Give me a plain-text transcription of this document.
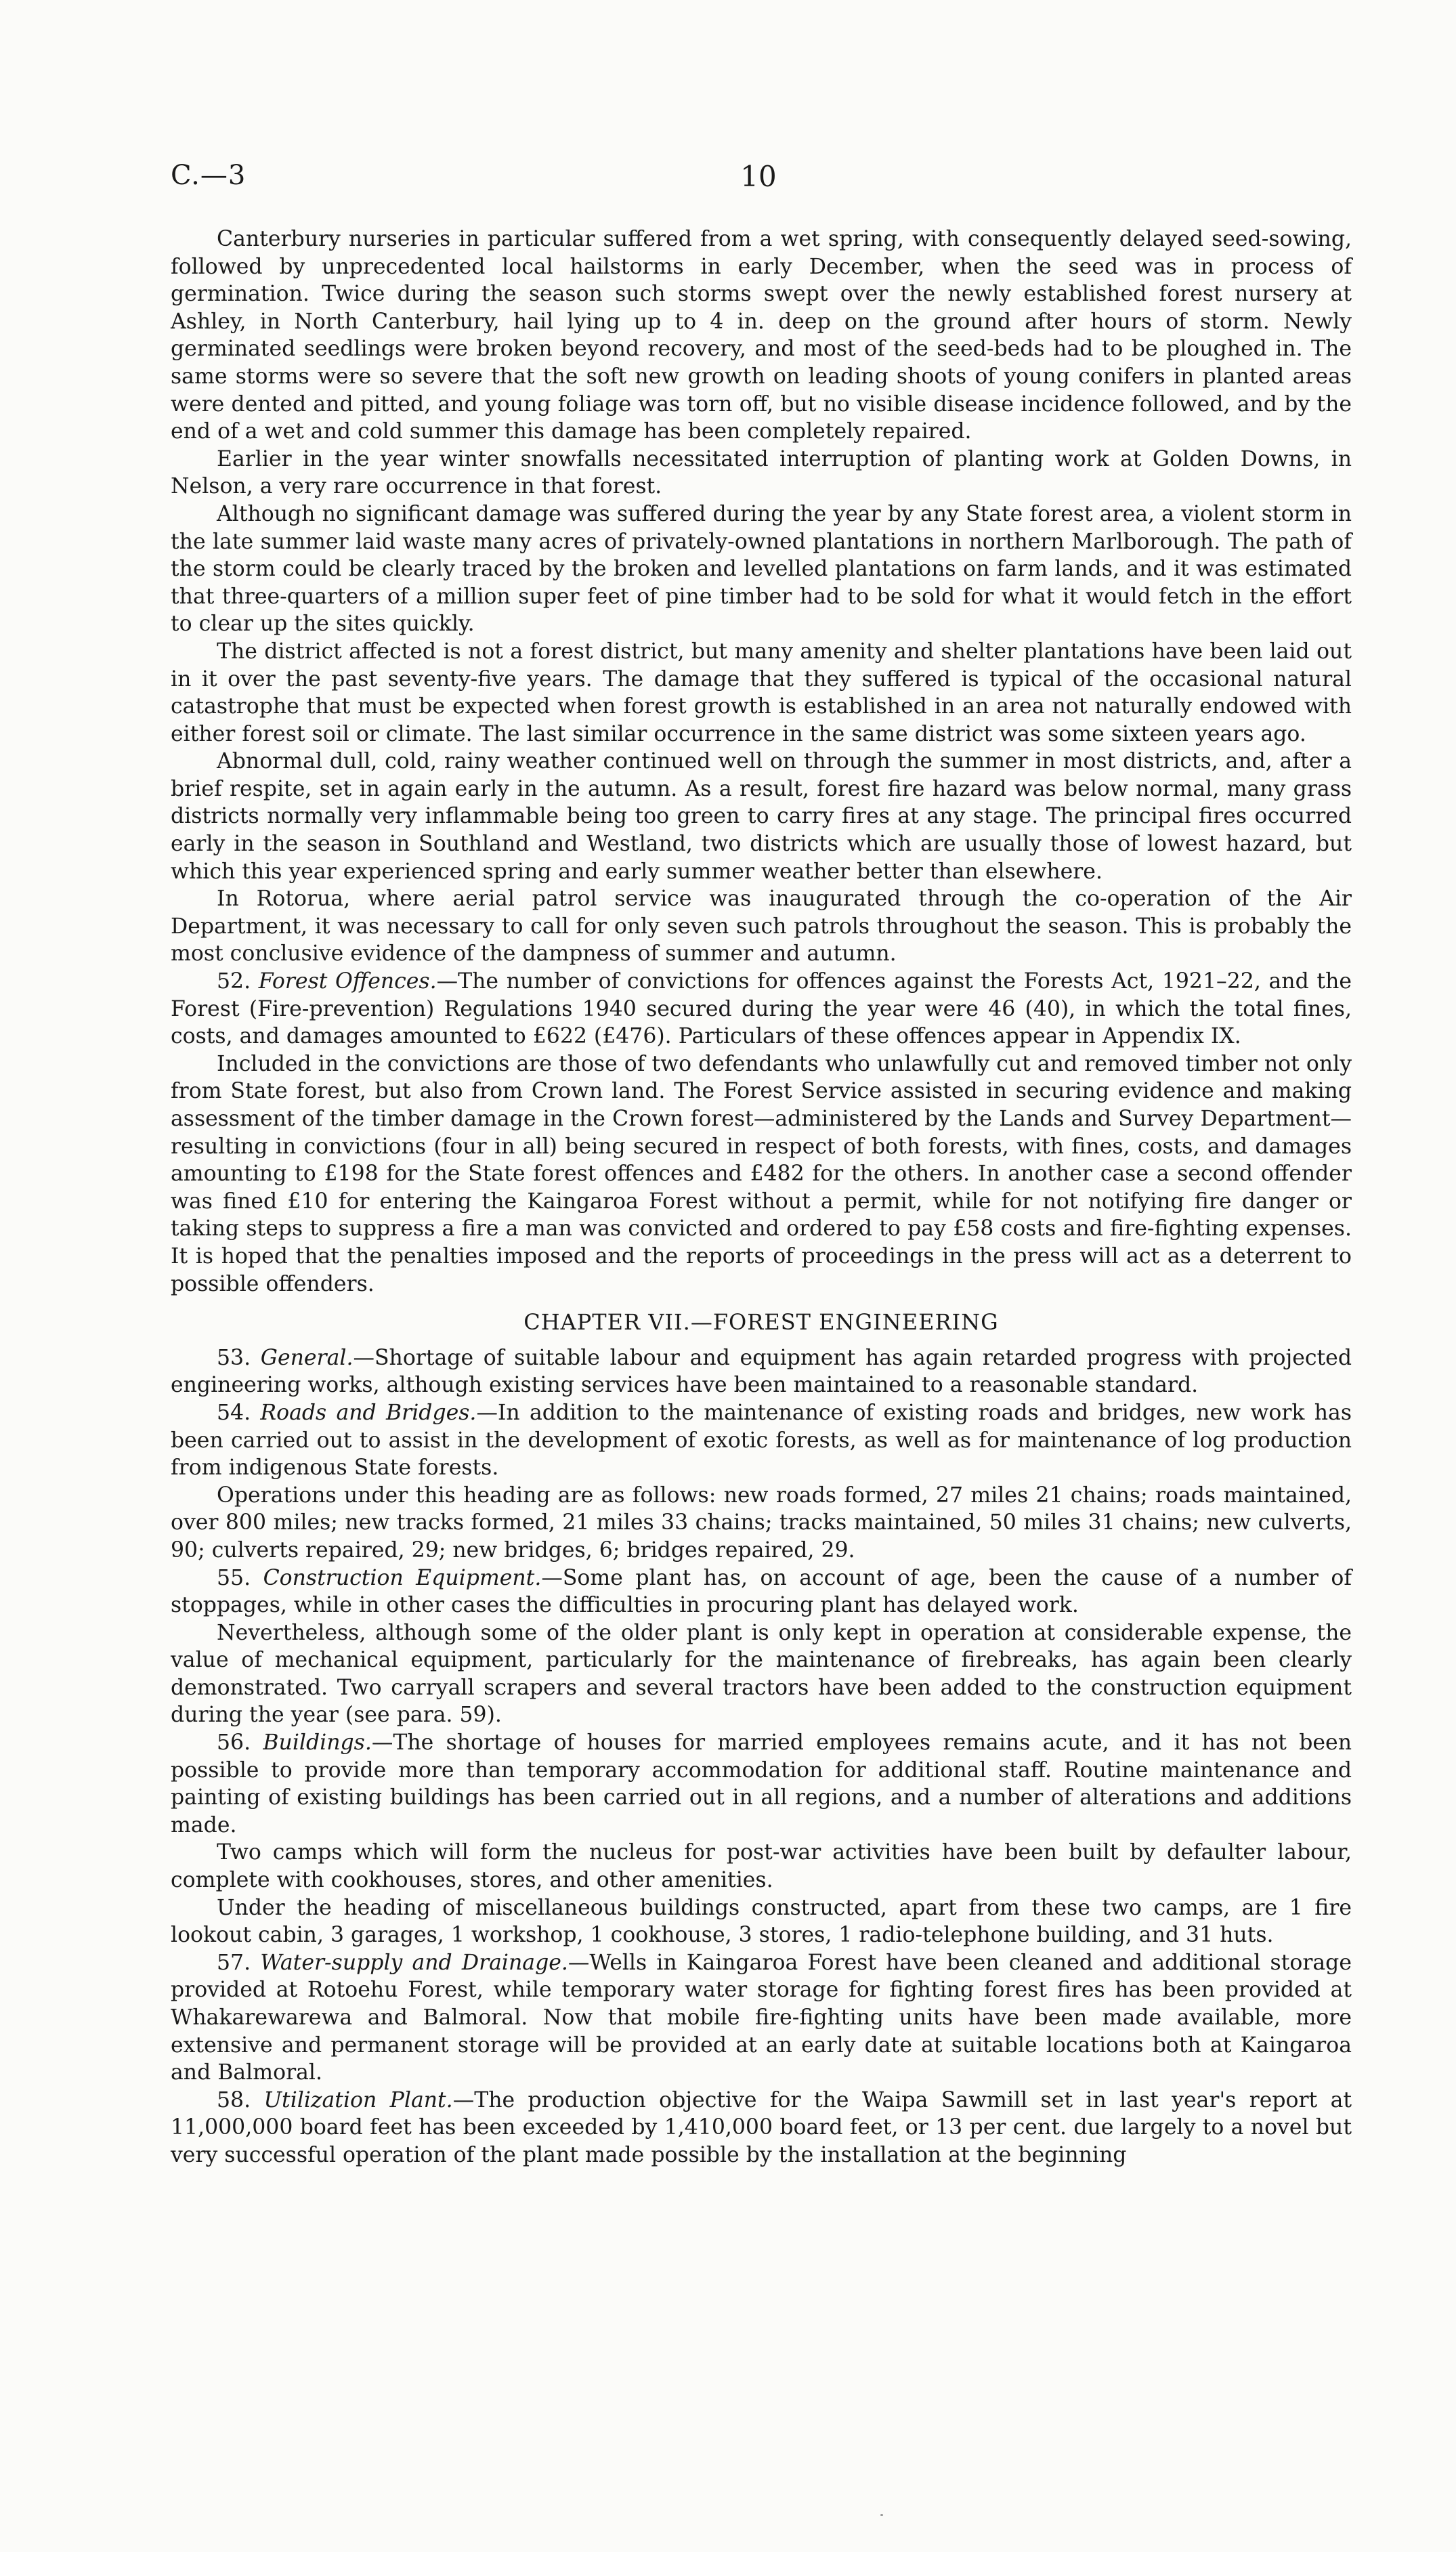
C.—3	10

Canterbury nurseries in particular suffered from a wet spring, with consequently delayed seed-sowing, followed by unprecedented local hailstorms in early December, when the seed was in process of germination. Twice during the season such storms swept over the newly established forest nursery at Ashley, in North Canterbury, hail lying up to 4 in. deep on the ground after hours of storm. Newly germinated seedlings were broken beyond recovery, and most of the seed-beds had to be ploughed in. The same storms were so severe that the soft new growth on leading shoots of young conifers in planted areas were dented and pitted, and young foliage was torn off, but no visible disease incidence followed, and by the end of a wet and cold summer this damage has been completely repaired.

Earlier in the year winter snowfalls necessitated interruption of planting work at Golden Downs, in Nelson, a very rare occurrence in that forest.

Although no significant damage was suffered during the year by any State forest area, a violent storm in the late summer laid waste many acres of privately-owned plantations in northern Marlborough. The path of the storm could be clearly traced by the broken and levelled plantations on farm lands, and it was estimated that three-quarters of a million super feet of pine timber had to be sold for what it would fetch in the effort to clear up the sites quickly.

The district affected is not a forest district, but many amenity and shelter plantations have been laid out in it over the past seventy-five years. The damage that they suffered is typical of the occasional natural catastrophe that must be expected when forest growth is established in an area not naturally endowed with either forest soil or climate. The last similar occurrence in the same district was some sixteen years ago.

Abnormal dull, cold, rainy weather continued well on through the summer in most districts, and, after a brief respite, set in again early in the autumn. As a result, forest fire hazard was below normal, many grass districts normally very inflammable being too green to carry fires at any stage. The principal fires occurred early in the season in Southland and Westland, two districts which are usually those of lowest hazard, but which this year experienced spring and early summer weather better than elsewhere.

In Rotorua, where aerial patrol service was inaugurated through the co-operation of the Air Department, it was necessary to call for only seven such patrols throughout the season. This is probably the most conclusive evidence of the dampness of summer and autumn.

52. Forest Offences.—The number of convictions for offences against the Forests Act, 1921–22, and the Forest (Fire-prevention) Regulations 1940 secured during the year were 46 (40), in which the total fines, costs, and damages amounted to £622 (£476). Particulars of these offences appear in Appendix IX.

Included in the convictions are those of two defendants who unlawfully cut and removed timber not only from State forest, but also from Crown land. The Forest Service assisted in securing evidence and making assessment of the timber damage in the Crown forest—administered by the Lands and Survey Department—resulting in convictions (four in all) being secured in respect of both forests, with fines, costs, and damages amounting to £198 for the State forest offences and £482 for the others. In another case a second offender was fined £10 for entering the Kaingaroa Forest without a permit, while for not notifying fire danger or taking steps to suppress a fire a man was convicted and ordered to pay £58 costs and fire-fighting expenses. It is hoped that the penalties imposed and the reports of proceedings in the press will act as a deterrent to possible offenders.

CHAPTER VII.—FOREST ENGINEERING

53. General.—Shortage of suitable labour and equipment has again retarded progress with projected engineering works, although existing services have been maintained to a reasonable standard.

54. Roads and Bridges.—In addition to the maintenance of existing roads and bridges, new work has been carried out to assist in the development of exotic forests, as well as for maintenance of log production from indigenous State forests.

Operations under this heading are as follows: new roads formed, 27 miles 21 chains; roads maintained, over 800 miles; new tracks formed, 21 miles 33 chains; tracks maintained, 50 miles 31 chains; new culverts, 90; culverts repaired, 29; new bridges, 6; bridges repaired, 29.

55. Construction Equipment.—Some plant has, on account of age, been the cause of a number of stoppages, while in other cases the difficulties in procuring plant has delayed work.

Nevertheless, although some of the older plant is only kept in operation at considerable expense, the value of mechanical equipment, particularly for the maintenance of firebreaks, has again been clearly demonstrated. Two carryall scrapers and several tractors have been added to the construction equipment during the year (see para. 59).

56. Buildings.—The shortage of houses for married employees remains acute, and it has not been possible to provide more than temporary accommodation for additional staff. Routine maintenance and painting of existing buildings has been carried out in all regions, and a number of alterations and additions made.

Two camps which will form the nucleus for post-war activities have been built by defaulter labour, complete with cookhouses, stores, and other amenities.

Under the heading of miscellaneous buildings constructed, apart from these two camps, are 1 fire lookout cabin, 3 garages, 1 workshop, 1 cookhouse, 3 stores, 1 radio-telephone building, and 31 huts.

57. Water-supply and Drainage.—Wells in Kaingaroa Forest have been cleaned and additional storage provided at Rotoehu Forest, while temporary water storage for fighting forest fires has been provided at Whakarewarewa and Balmoral. Now that mobile fire-fighting units have been made available, more extensive and permanent storage will be provided at an early date at suitable locations both at Kaingaroa and Balmoral.

58. Utilization Plant.—The production objective for the Waipa Sawmill set in last year's report at 11,000,000 board feet has been exceeded by 1,410,000 board feet, or 13 per cent. due largely to a novel but very successful operation of the plant made possible by the installation at the beginning
